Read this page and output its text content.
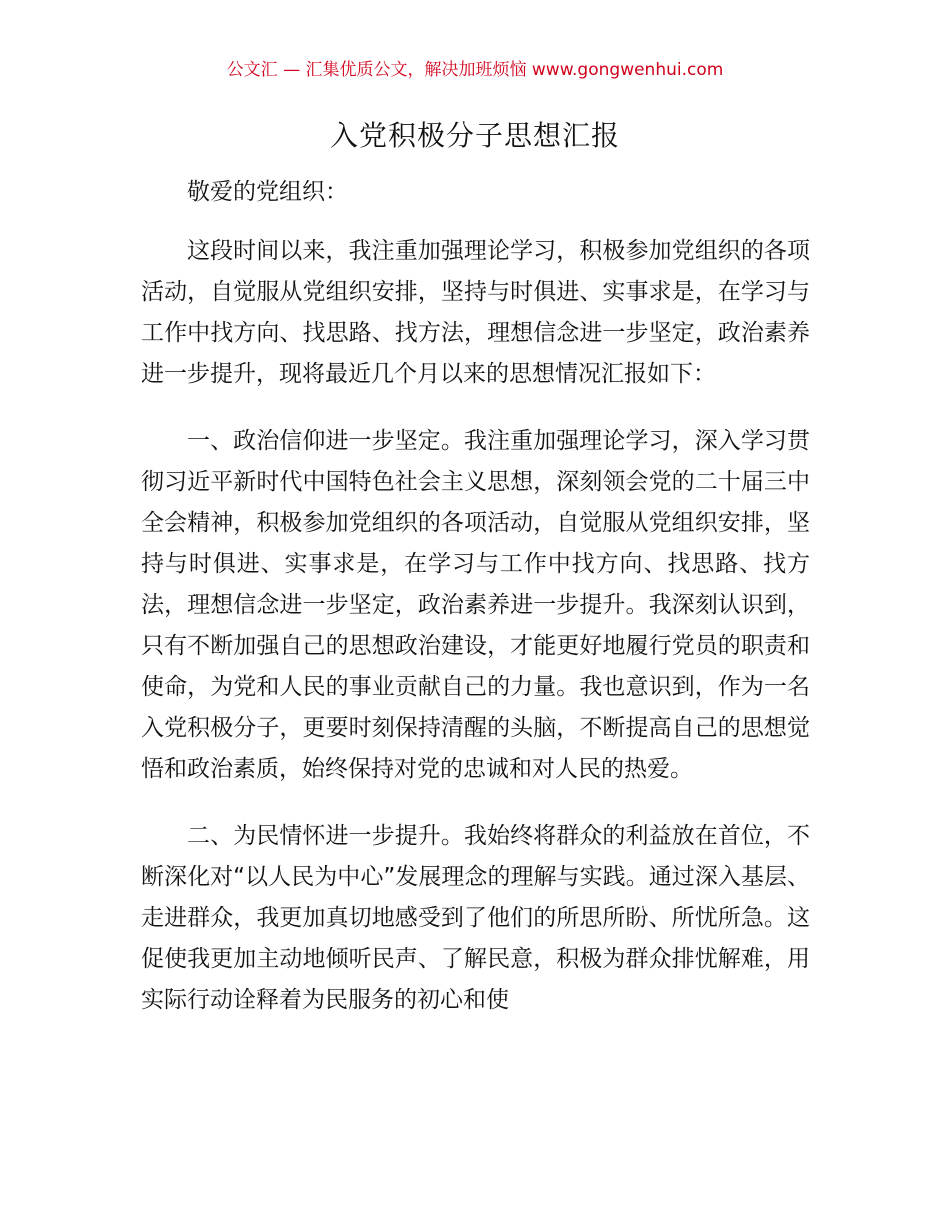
公文汇 — 汇集优质公文，解决加班烦恼 www.gongwenhui.com
入党积极分子思想汇报

敬爱的党组织：

这段时间以来，我注重加强理论学习，积极参加党组织的各项活动，自觉服从党组织安排，坚持与时俱进、实事求是，在学习与工作中找方向、找思路、找方法，理想信念进一步坚定，政治素养进一步提升，现将最近几个月以来的思想情况汇报如下：

一、政治信仰进一步坚定。我注重加强理论学习，深入学习贯彻习近平新时代中国特色社会主义思想，深刻领会党的二十届三中全会精神，积极参加党组织的各项活动，自觉服从党组织安排，坚持与时俱进、实事求是，在学习与工作中找方向、找思路、找方法，理想信念进一步坚定，政治素养进一步提升。我深刻认识到，只有不断加强自己的思想政治建设，才能更好地履行党员的职责和使命，为党和人民的事业贡献自己的力量。我也意识到，作为一名入党积极分子，更要时刻保持清醒的头脑，不断提高自己的思想觉悟和政治素质，始终保持对党的忠诚和对人民的热爱。

二、为民情怀进一步提升。我始终将群众的利益放在首位，不断深化对“以人民为中心”发展理念的理解与实践。通过深入基层、走进群众，我更加真切地感受到了他们的所思所盼、所忧所急。这促使我更加主动地倾听民声、了解民意，积极为群众排忧解难，用实际行动诠释着为民服务的初心和使
